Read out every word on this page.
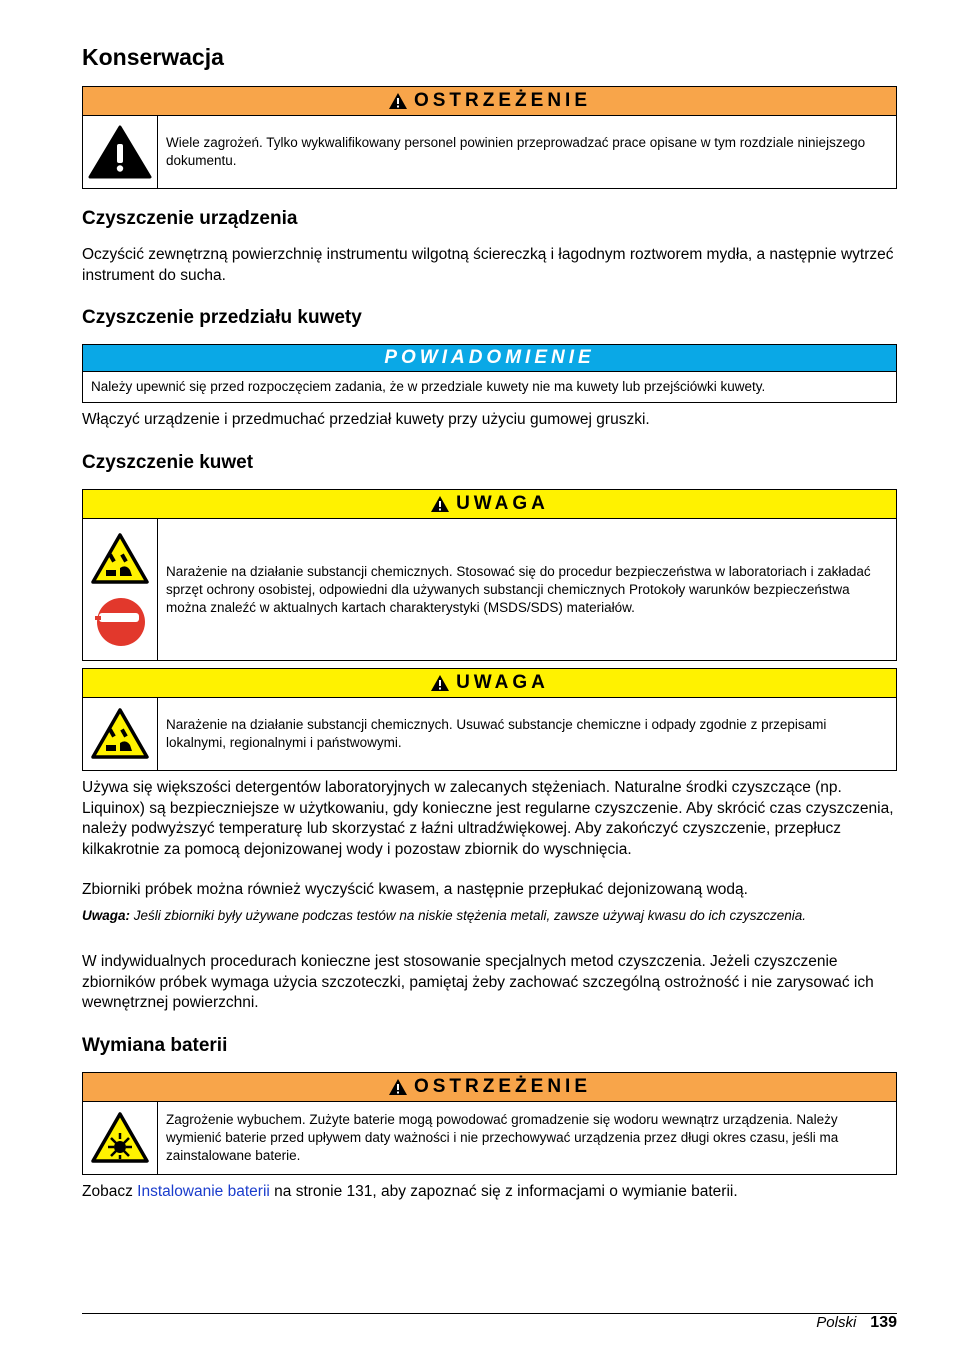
Konserwacja
OSTRZEŻENIE
Wiele zagrożeń. Tylko wykwalifikowany personel powinien przeprowadzać prace opisane w tym rozdziale niniejszego dokumentu.
Czyszczenie urządzenia
Oczyścić zewnętrzną powierzchnię instrumentu wilgotną ściereczką i łagodnym roztworem mydła, a następnie wytrzeć instrument do sucha.
Czyszczenie przedziału kuwety
POWIADOMIENIE
Należy upewnić się przed rozpoczęciem zadania, że w przedziale kuwety nie ma kuwety lub przejściówki kuwety.
Włączyć urządzenie i przedmuchać przedział kuwety przy użyciu gumowej gruszki.
Czyszczenie kuwet
UWAGA
Narażenie na działanie substancji chemicznych. Stosować się do procedur bezpieczeństwa w laboratoriach i zakładać sprzęt ochrony osobistej, odpowiedni dla używanych substancji chemicznych Protokoły warunków bezpieczeństwa można znaleźć w aktualnych kartach charakterystyki (MSDS/SDS) materiałów.
UWAGA
Narażenie na działanie substancji chemicznych. Usuwać substancje chemiczne i odpady zgodnie z przepisami lokalnymi, regionalnymi i państwowymi.
Używa się większości detergentów laboratoryjnych w zalecanych stężeniach. Naturalne środki czyszczące (np. Liquinox) są bezpieczniejsze w użytkowaniu, gdy konieczne jest regularne czyszczenie. Aby skrócić czas czyszczenia, należy podwyższyć temperaturę lub skorzystać z łaźni ultradźwiękowej. Aby zakończyć czyszczenie, przepłucz kilkakrotnie za pomocą dejonizowanej wody i pozostaw zbiornik do wyschnięcia.
Zbiorniki próbek można również wyczyścić kwasem, a następnie przepłukać dejonizowaną wodą.
Uwaga: Jeśli zbiorniki były używane podczas testów na niskie stężenia metali, zawsze używaj kwasu do ich czyszczenia.
W indywidualnych procedurach konieczne jest stosowanie specjalnych metod czyszczenia. Jeżeli czyszczenie zbiorników próbek wymaga użycia szczoteczki, pamiętaj żeby zachować szczególną ostrożność i nie zarysować ich wewnętrznej powierzchni.
Wymiana baterii
OSTRZEŻENIE
Zagrożenie wybuchem. Zużyte baterie mogą powodować gromadzenie się wodoru wewnątrz urządzenia. Należy wymienić baterie przed upływem daty ważności i nie przechowywać urządzenia przez długi okres czasu, jeśli ma zainstalowane baterie.
Zobacz Instalowanie baterii na stronie 131, aby zapoznać się z informacjami o wymianie baterii.
Polski 139
